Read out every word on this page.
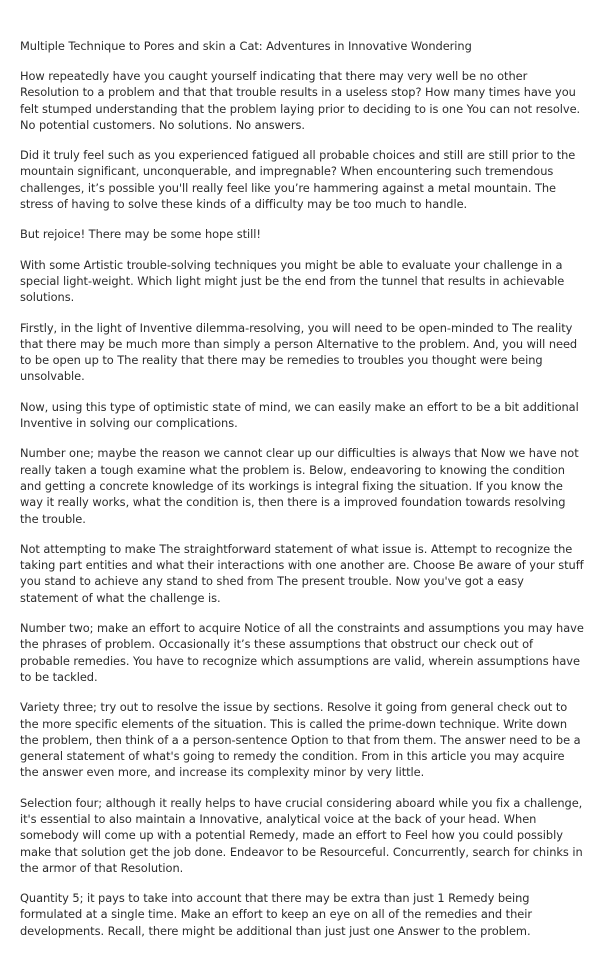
Multiple Technique to Pores and skin a Cat: Adventures in Innovative Wondering

How repeatedly have you caught yourself indicating that there may very well be no other Resolution to a problem and that that trouble results in a useless stop? How many times have you felt stumped understanding that the problem laying prior to deciding to is one You can not resolve. No potential customers. No solutions. No answers.

Did it truly feel such as you experienced fatigued all probable choices and still are still prior to the mountain significant, unconquerable, and impregnable? When encountering such tremendous challenges, it’s possible you'll really feel like you’re hammering against a metal mountain. The stress of having to solve these kinds of a difficulty may be too much to handle.

But rejoice! There may be some hope still!

With some Artistic trouble-solving techniques you might be able to evaluate your challenge in a special light-weight. Which light might just be the end from the tunnel that results in achievable solutions.

Firstly, in the light of Inventive dilemma-resolving, you will need to be open-minded to The reality that there may be much more than simply a person Alternative to the problem. And, you will need to be open up to The reality that there may be remedies to troubles you thought were being unsolvable.

Now, using this type of optimistic state of mind, we can easily make an effort to be a bit additional Inventive in solving our complications.

Number one; maybe the reason we cannot clear up our difficulties is always that Now we have not really taken a tough examine what the problem is. Below, endeavoring to knowing the condition and getting a concrete knowledge of its workings is integral fixing the situation. If you know the way it really works, what the condition is, then there is a improved foundation towards resolving the trouble.

Not attempting to make The straightforward statement of what issue is. Attempt to recognize the taking part entities and what their interactions with one another are. Choose Be aware of your stuff you stand to achieve any stand to shed from The present trouble. Now you've got a easy statement of what the challenge is.

Number two; make an effort to acquire Notice of all the constraints and assumptions you may have the phrases of problem. Occasionally it’s these assumptions that obstruct our check out of probable remedies. You have to recognize which assumptions are valid, wherein assumptions have to be tackled.

Variety three; try out to resolve the issue by sections. Resolve it going from general check out to the more specific elements of the situation. This is called the prime-down technique. Write down the problem, then think of a a person-sentence Option to that from them. The answer need to be a general statement of what's going to remedy the condition. From in this article you may acquire the answer even more, and increase its complexity minor by very little.

Selection four; although it really helps to have crucial considering aboard while you fix a challenge, it's essential to also maintain a Innovative, analytical voice at the back of your head. When somebody will come up with a potential Remedy, made an effort to Feel how you could possibly make that solution get the job done. Endeavor to be Resourceful. Concurrently, search for chinks in the armor of that Resolution.

Quantity 5; it pays to take into account that there may be extra than just 1 Remedy being formulated at a single time. Make an effort to keep an eye on all of the remedies and their developments. Recall, there might be additional than just just one Answer to the problem.
